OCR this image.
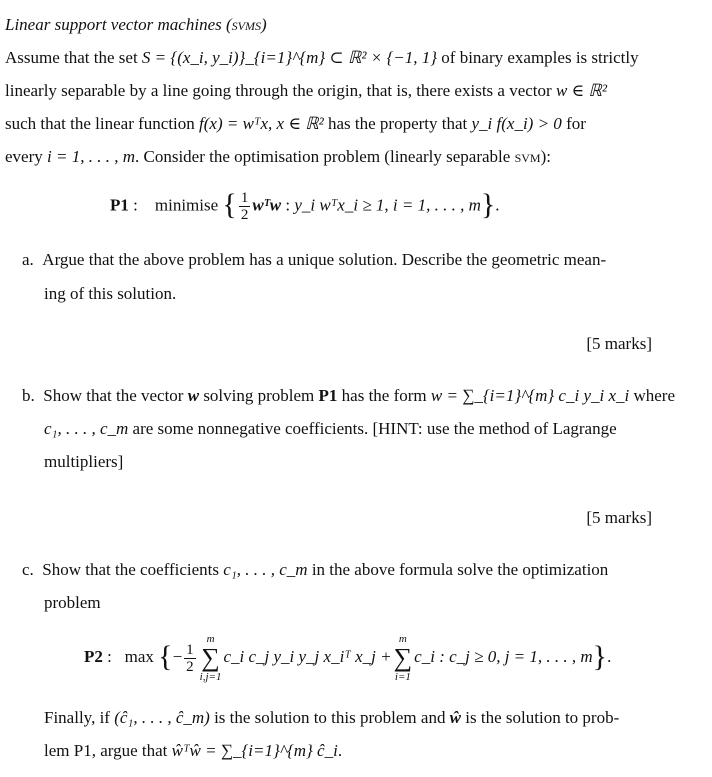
Linear support vector machines (svms)
Assume that the set S = {(x_i, y_i)}_{i=1}^{m} ⊂ ℝ² × {−1, 1} of binary examples is strictly
linearly separable by a line going through the origin, that is, there exists a vector w ∈ ℝ²
such that the linear function f(x) = wᵀx, x ∈ ℝ² has the property that y_i f(x_i) > 0 for
every i = 1, . . . , m. Consider the optimisation problem (linearly separable svm):
P1 : minimise { $\frac{1}{2}$ wᵀw : y_i wᵀx_i ≥ 1, i = 1, . . . , m}.
a. Argue that the above problem has a unique solution. Describe the geometric mean-
ing of this solution.
[5 marks]
b. Show that the vector w solving problem P1 has the form w = ∑_{i=1}^{m} c_i y_i x_i where
c₁, . . . , c_m are some nonnegative coefficients. [HINT: use the method of Lagrange
multipliers]
[5 marks]
c. Show that the coefficients c₁, . . . , c_m in the above formula solve the optimization
problem
P2 : max {− $\frac{1}{2}$
m
∑
i,j=1
c_i c_j y_i y_j x_iᵀ x_j +
m
∑
i=1
c_i : c_j ≥ 0, j = 1, . . . , m}.
Finally, if (ĉ₁, . . . , ĉ_m) is the solution to this problem and ŵ is the solution to prob-
lem P1, argue that ŵᵀŵ = ∑_{i=1}^{m} ĉ_i.
